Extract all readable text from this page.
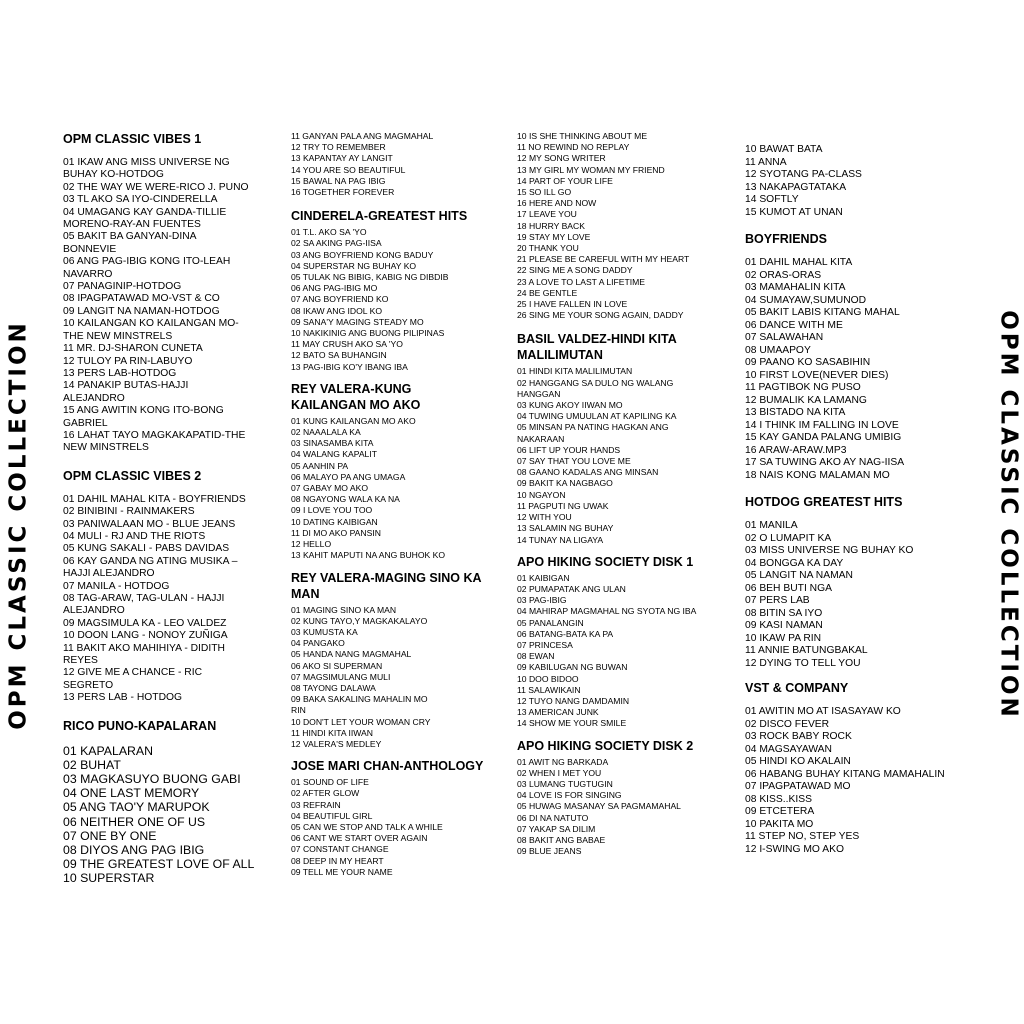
OPM CLASSIC COLLECTION	OPM CLASSIC COLLECTION
OPM CLASSIC VIBES 1
01 IKAW ANG MISS UNIVERSE NG
BUHAY KO-HOTDOG
02 THE WAY WE WERE-RICO J. PUNO
03 TL AKO SA IYO-CINDERELLA
04 UMAGANG KAY GANDA-TILLIE
MORENO-RAY-AN FUENTES
05 BAKIT BA GANYAN-DINA
BONNEVIE
06 ANG PAG-IBIG KONG ITO-LEAH
NAVARRO
07 PANAGINIP-HOTDOG
08 IPAGPATAWAD MO-VST & CO
09 LANGIT NA NAMAN-HOTDOG
10 KAILANGAN KO KAILANGAN MO-
THE NEW MINSTRELS
11 MR. DJ-SHARON CUNETA
12 TULOY PA RIN-LABUYO
13 PERS LAB-HOTDOG
14 PANAKIP BUTAS-HAJJI
ALEJANDRO
15 ANG AWITIN KONG ITO-BONG
GABRIEL
16 LAHAT TAYO MAGKAKAPATID-THE
NEW MINSTRELS
OPM CLASSIC VIBES 2
01 DAHIL MAHAL KITA - BOYFRIENDS
02 BINIBINI - RAINMAKERS
03 PANIWALAAN MO - BLUE JEANS
04 MULI - RJ AND THE RIOTS
05 KUNG SAKALI - PABS DAVIDAS
06 KAY GANDA NG ATING MUSIKA –
HAJJI ALEJANDRO
07 MANILA - HOTDOG
08 TAG-ARAW, TAG-ULAN - HAJJI
ALEJANDRO
09 MAGSIMULA KA - LEO VALDEZ
10 DOON LANG - NONOY ZUÑIGA
11 BAKIT AKO MAHIHIYA - DIDITH
REYES
12 GIVE ME A CHANCE - RIC
SEGRETO
13 PERS LAB - HOTDOG
RICO PUNO-KAPALARAN
01 KAPALARAN
02 BUHAT
03 MAGKASUYO BUONG GABI
04 ONE LAST MEMORY
05 ANG TAO'Y MARUPOK
06 NEITHER ONE OF US
07 ONE BY ONE
08 DIYOS ANG PAG IBIG
09 THE GREATEST LOVE OF ALL
10 SUPERSTAR
11 GANYAN PALA ANG MAGMAHAL
12 TRY TO REMEMBER
13 KAPANTAY AY LANGIT
14 YOU ARE SO BEAUTIFUL
15 BAWAL NA PAG IBIG
16 TOGETHER FOREVER
CINDERELA-GREATEST HITS
01 T.L. AKO SA 'YO
02 SA AKING PAG-IISA
03 ANG BOYFRIEND KONG BADUY
04 SUPERSTAR NG BUHAY KO
05 TULAK NG BIBIG, KABIG NG DIBDIB
06 ANG PAG-IBIG MO
07 ANG BOYFRIEND KO
08 IKAW ANG IDOL KO
09 SANA'Y MAGING STEADY MO
10 NAKIKINIG ANG BUONG PILIPINAS
11 MAY CRUSH AKO SA 'YO
12 BATO SA BUHANGIN
13 PAG-IBIG KO'Y IBANG IBA
REY VALERA-KUNG
KAILANGAN MO AKO
01 KUNG KAILANGAN MO AKO
02 NAAALALA KA
03 SINASAMBA KITA
04 WALANG KAPALIT
05 AANHIN PA
06 MALAYO PA ANG UMAGA
07 GABAY MO AKO
08 NGAYONG WALA KA NA
09 I LOVE YOU TOO
10 DATING KAIBIGAN
11 DI MO AKO PANSIN
12 HELLO
13 KAHIT MAPUTI NA ANG BUHOK KO
REY VALERA-MAGING SINO KA
MAN
01 MAGING SINO KA MAN
02 KUNG TAYO,Y MAGKAKALAYO
03 KUMUSTA KA
04 PANGAKO
05 HANDA NANG MAGMAHAL
06 AKO SI SUPERMAN
07 MAGSIMULANG MULI
08 TAYONG DALAWA
09 BAKA SAKALING MAHALIN MO
RIN
10 DON'T LET YOUR WOMAN CRY
11 HINDI KITA IIWAN
12 VALERA'S MEDLEY
JOSE MARI CHAN-ANTHOLOGY
01 SOUND OF LIFE
02 AFTER GLOW
03 REFRAIN
04 BEAUTIFUL GIRL
05 CAN WE STOP AND TALK A WHILE
06 CANT WE START OVER AGAIN
07 CONSTANT CHANGE
08 DEEP IN MY HEART
09 TELL ME YOUR NAME
10 IS SHE THINKING ABOUT ME
11 NO REWIND NO REPLAY
12 MY SONG WRITER
13 MY GIRL MY WOMAN MY FRIEND
14 PART OF YOUR LIFE
15 SO ILL GO
16 HERE AND NOW
17 LEAVE YOU
18 HURRY BACK
19 STAY MY LOVE
20 THANK YOU
21 PLEASE BE CAREFUL WITH MY HEART
22 SING ME A SONG DADDY
23 A LOVE TO LAST A LIFETIME
24 BE GENTLE
25 I HAVE FALLEN IN LOVE
26 SING ME YOUR SONG AGAIN, DADDY
BASIL VALDEZ-HINDI KITA
MALILIMUTAN
01 HINDI KITA MALILIMUTAN
02 HANGGANG SA DULO NG WALANG
HANGGAN
03 KUNG AKOY IIWAN MO
04 TUWING UMUULAN AT KAPILING KA
05 MINSAN PA NATING HAGKAN ANG
NAKARAAN
06 LIFT UP YOUR HANDS
07 SAY THAT YOU LOVE ME
08 GAANO KADALAS ANG MINSAN
09 BAKIT KA NAGBAGO
10 NGAYON
11 PAGPUTI NG UWAK
12 WITH YOU
13 SALAMIN NG BUHAY
14 TUNAY NA LIGAYA
APO HIKING SOCIETY DISK 1
01 KAIBIGAN
02 PUMAPATAK ANG ULAN
03 PAG-IBIG
04 MAHIRAP MAGMAHAL NG SYOTA NG IBA
05 PANALANGIN
06 BATANG-BATA KA PA
07 PRINCESA
08 EWAN
09 KABILUGAN NG BUWAN
10 DOO BIDOO
11 SALAWIKAIN
12 TUYO NANG DAMDAMIN
13 AMERICAN JUNK
14 SHOW ME YOUR SMILE
APO HIKING SOCIETY DISK 2
01 AWIT NG BARKADA
02 WHEN I MET YOU
03 LUMANG TUGTUGIN
04 LOVE IS FOR SINGING
05 HUWAG MASANAY SA PAGMAMAHAL
06 DI NA NATUTO
07 YAKAP SA DILIM
08 BAKIT ANG BABAE
09 BLUE JEANS
10 BAWAT BATA
11 ANNA
12 SYOTANG PA-CLASS
13 NAKAPAGTATAKA
14 SOFTLY
15 KUMOT AT UNAN
BOYFRIENDS
01 DAHIL MAHAL KITA
02 ORAS-ORAS
03 MAMAHALIN KITA
04 SUMAYAW,SUMUNOD
05 BAKIT LABIS KITANG MAHAL
06 DANCE WITH ME
07 SALAWAHAN
08 UMAAPOY
09 PAANO KO SASABIHIN
10 FIRST LOVE(NEVER DIES)
11 PAGTIBOK NG PUSO
12 BUMALIK KA LAMANG
13 BISTADO NA KITA
14 I THINK IM FALLING IN LOVE
15 KAY GANDA PALANG UMIBIG
16 ARAW-ARAW.MP3
17 SA TUWING AKO AY NAG-IISA
18 NAIS KONG MALAMAN MO
HOTDOG GREATEST HITS
01 MANILA
02 O LUMAPIT KA
03 MISS UNIVERSE NG BUHAY KO
04 BONGGA KA DAY
05 LANGIT NA NAMAN
06 BEH BUTI NGA
07 PERS LAB
08 BITIN SA IYO
09 KASI NAMAN
10 IKAW PA RIN
11 ANNIE BATUNGBAKAL
12 DYING TO TELL YOU
VST & COMPANY
01 AWITIN MO AT ISASAYAW KO
02 DISCO FEVER
03 ROCK BABY ROCK
04 MAGSAYAWAN
05 HINDI KO AKALAIN
06 HABANG BUHAY KITANG MAMAHALIN
07 IPAGPATAWAD MO
08 KISS..KISS
09 ETCETERA
10 PAKITA MO
11 STEP NO, STEP YES
12 I-SWING MO AKO
